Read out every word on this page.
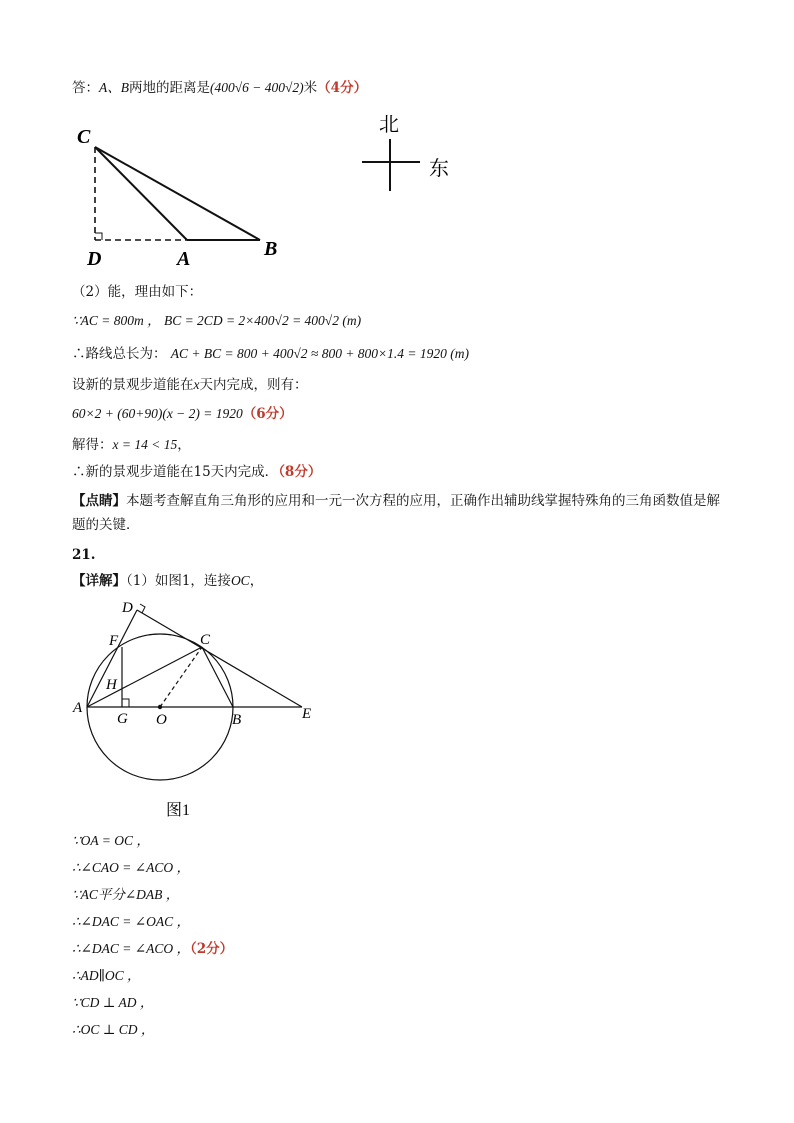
答：A、B两地的距离是(400√6 − 400√2)米（4分）
C
D	A	B
北
东
（2）能，理由如下：
∵AC = 800m ， BC = 2CD = 2×400√2 = 400√2 (m)
∴路线总长为： AC + BC = 800 + 400√2 ≈ 800 + 800×1.4 = 1920 (m)
设新的景观步道能在x天内完成，则有：
60×2 + (60+90)(x − 2) = 1920（6分）
解得：x = 14 < 15，
∴新的景观步道能在15天内完成．（8分）
【点睛】本题考查解直角三角形的应用和一元一次方程的应用，正确作出辅助线掌握特殊角的三角函数值是解题的关键．
21.
【详解】（1）如图1，连接OC，
D
F	C
H
A
G O	B	E
图1
∵OA = OC ，
∴∠CAO = ∠ACO ，
∵AC平分∠DAB ，
∴∠DAC = ∠OAC ，
∴∠DAC = ∠ACO ，（2分）
∴AD∥OC ，
∵CD ⊥ AD ，
∴OC ⊥ CD ，
